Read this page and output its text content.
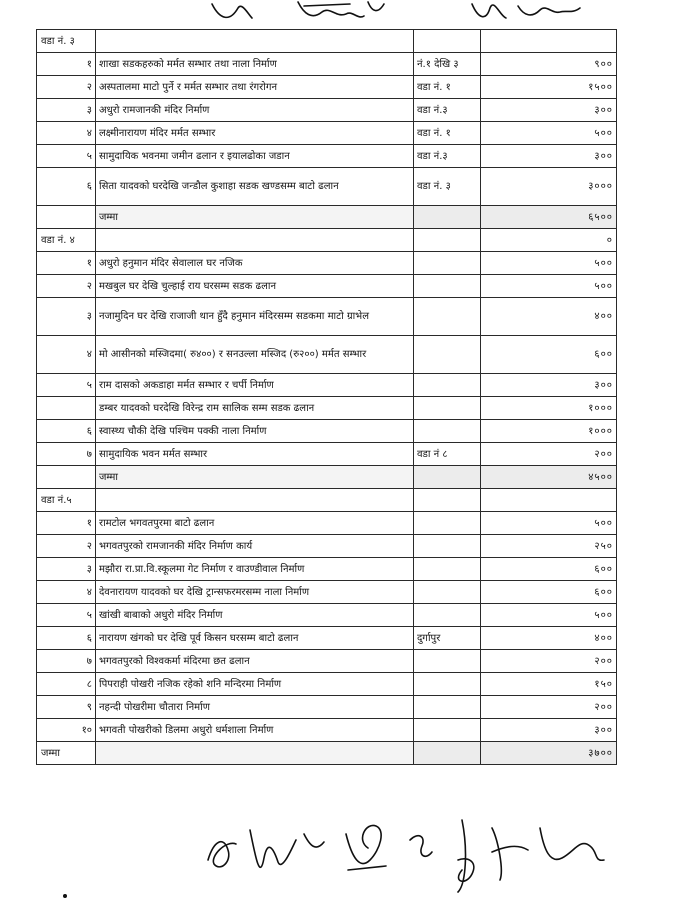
वडा नं. ३			
१	शाखा सडकहरुको मर्मत सम्भार तथा नाला निर्माण	नं.१ देखि ३	९००
२	अस्पतालमा माटो पुर्ने र मर्मत सम्भार तथा रंगरोगन	वडा नं. १	१५००
३	अधुरो रामजानकी मंदिर निर्माण	वडा नं.३	३००
४	लक्ष्मीनारायण मंदिर मर्मत सम्भार	वडा नं. १	५००
५	सामुदायिक भवनमा जमीन ढलान र इयालढोका जडान	वडा नं.३	३००
६	सिता यादवको घरदेखि जन्डौल कुशाहा सडक खण्डसम्म बाटो ढलान	वडा नं. ३	३०००
	जम्मा		६५००
वडा नं. ४			०
१	अधुरो हनुमान मंदिर सेवालाल घर नजिक		५००
२	मखबुल घर देखि चुल्हाई राय घरसम्म सडक ढलान		५००
३	नजामुदिन घर देखि राजाजी थान हुँदै हनुमान मंदिरसम्म सडकमा माटो ग्राभेल		४००
४	मो आसीनको मस्जिदमा( रु४००) र सनउल्ला मस्जिद (रु२००) मर्मत सम्भार		६००
५	राम दासको अकडाहा मर्मत सम्भार र चर्पी निर्माण		३००
	डम्बर यादवको घरदेखि विरेन्द्र राम सालिक सम्म सडक ढलान		१०००
६	स्वास्थ्य चौकी देखि पश्चिम पक्की नाला निर्माण		१०००
७	सामुदायिक भवन मर्मत सम्भार	वडा नं ८	२००
	जम्मा		४५००
वडा नं.५			
१	रामटोल भगवतपुरमा बाटो ढलान		५००
२	भगवतपुरको रामजानकी मंदिर निर्माण कार्य		२५०
३	मझौरा रा.प्रा.वि.स्कूलमा गेट निर्माण र वाउण्डीवाल निर्माण		६००
४	देवनारायण यादवको घर देखि ट्रान्सफरमरसम्म नाला निर्माण		६००
५	खांखी बाबाको अधुरो मंदिर निर्माण		५००
६	नारायण खंगको घर देखि पूर्व किसन घरसम्म बाटो ढलान	दुर्गापुर	४००
७	भगवतपुरको विश्वकर्मा मंदिरमा छत ढलान		२००
८	पिपराही पोखरी नजिक रहेको शनि मन्दिरमा निर्माण		१५०
९	नहन्दी पोखरीमा चौतारा निर्माण		२००
१०	भगवती पोखरीको डिलमा अधुरो धर्मशाला निर्माण		३००
जम्मा			३७००
